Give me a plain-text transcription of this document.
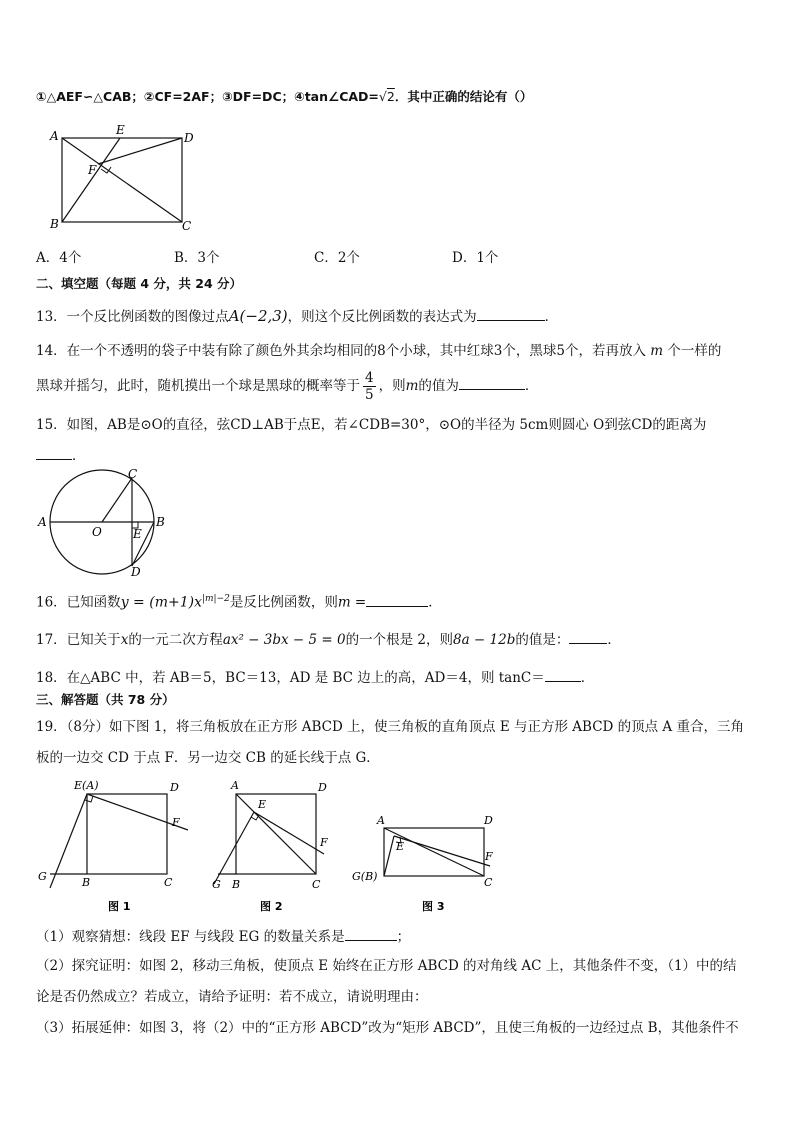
①△AEF∽△CAB；②CF=2AF；③DF=DC；④tan∠CAD=√2．其中正确的结论有（）
A	E
D
F
B	C
A．4个	B．3个	C．2个	D．1个
二、填空题（每题 4 分，共 24 分）
13．一个反比例函数的图像过点A(−2,3)，则这个反比例函数的表达式为	．
14．在一个不透明的袋子中装有除了颜色外其余均相同的8个小球，其中红球3个，黑球5个，若再放入 m 个一样的
黑球并摇匀，此时，随机摸出一个球是黑球的概率等于 $\frac{4}{5}$ ，则m的值为	．
15．如图，AB是⊙O的直径，弦CD⊥AB于点E，若∠CDB=30°，⊙O的半径为 5cm则圆心 O到弦CD的距离为
．
C
A
O	E
B
D
16．已知函数$y = (m+1)x^{|m|-2}$是反比例函数，则m =	．
17．已知关于x的一元二次方程ax² − 3bx − 5 = 0的一个根是 2，则8a − 12b的值是：	．
18．在△ABC 中，若 AB＝5，BC＝13，AD 是 BC 边上的高，AD＝4，则 tanC＝	．
三、解答题（共 78 分）
19．（8分）如下图 1，将三角板放在正方形 ABCD 上，使三角板的直角顶点 E 与正方形 ABCD 的顶点 A 重合，三角
板的一边交 CD 于点 F．另一边交 CB 的延长线于点 G．
E(A)	D
F
G	B	C
图 1
A	D
E
F
G B	C
图 2
A	D
E
F
G(B)	C
图 3
（1）观察猜想：线段 EF 与线段 EG 的数量关系是	；
（2）探究证明：如图 2，移动三角板，使顶点 E 始终在正方形 ABCD 的对角线 AC 上，其他条件不变，（1）中的结
论是否仍然成立？若成立，请给予证明：若不成立，请说明理由：
（3）拓展延伸：如图 3，将（2）中的“正方形 ABCD”改为“矩形 ABCD”，且使三角板的一边经过点 B，其他条件不
